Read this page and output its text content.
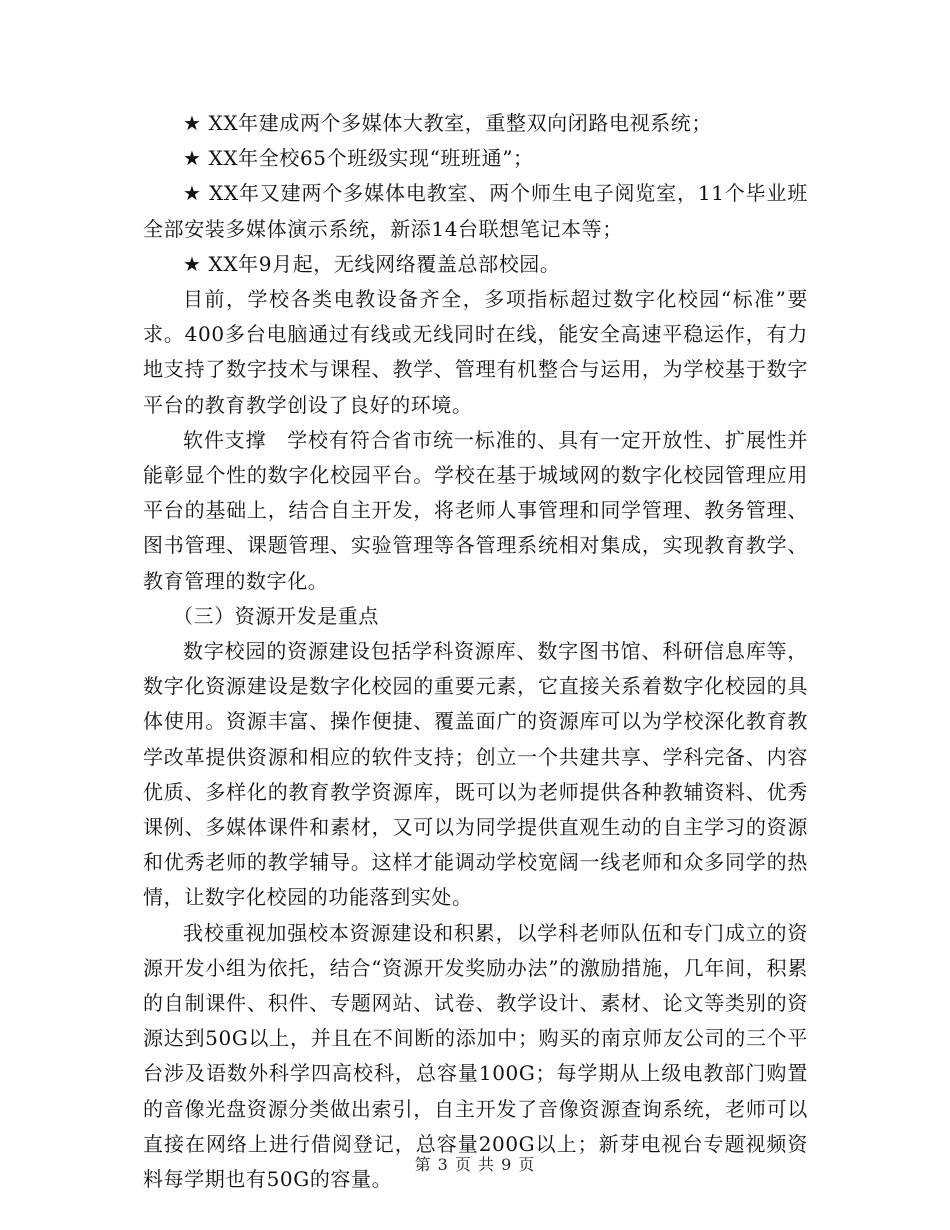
★ XX年建成两个多媒体大教室，重整双向闭路电视系统；

★ XX年全校65个班级实现“班班通”；

★ XX年又建两个多媒体电教室、两个师生电子阅览室，11个毕业班全部安装多媒体演示系统，新添14台联想笔记本等；

★ XX年9月起，无线网络覆盖总部校园。

目前，学校各类电教设备齐全，多项指标超过数字化校园“标准”要求。400多台电脑通过有线或无线同时在线，能安全高速平稳运作，有力地支持了数字技术与课程、教学、管理有机整合与运用，为学校基于数字平台的教育教学创设了良好的环境。

软件支撑　学校有符合省市统一标准的、具有一定开放性、扩展性并能彰显个性的数字化校园平台。学校在基于城域网的数字化校园管理应用平台的基础上，结合自主开发，将老师人事管理和同学管理、教务管理、图书管理、课题管理、实验管理等各管理系统相对集成，实现教育教学、教育管理的数字化。

（三）资源开发是重点

数字校园的资源建设包括学科资源库、数字图书馆、科研信息库等，数字化资源建设是数字化校园的重要元素，它直接关系着数字化校园的具体使用。资源丰富、操作便捷、覆盖面广的资源库可以为学校深化教育教学改革提供资源和相应的软件支持；创立一个共建共享、学科完备、内容优质、多样化的教育教学资源库，既可以为老师提供各种教辅资料、优秀课例、多媒体课件和素材，又可以为同学提供直观生动的自主学习的资源和优秀老师的教学辅导。这样才能调动学校宽阔一线老师和众多同学的热情，让数字化校园的功能落到实处。

我校重视加强校本资源建设和积累，以学科老师队伍和专门成立的资源开发小组为依托，结合“资源开发奖励办法”的激励措施，几年间，积累的自制课件、积件、专题网站、试卷、教学设计、素材、论文等类别的资源达到50G以上，并且在不间断的添加中；购买的南京师友公司的三个平台涉及语数外科学四高校科，总容量100G；每学期从上级电教部门购置的音像光盘资源分类做出索引，自主开发了音像资源查询系统，老师可以直接在网络上进行借阅登记，总容量200G以上；新芽电视台专题视频资料每学期也有50G的容量。

第 3 页 共 9 页
